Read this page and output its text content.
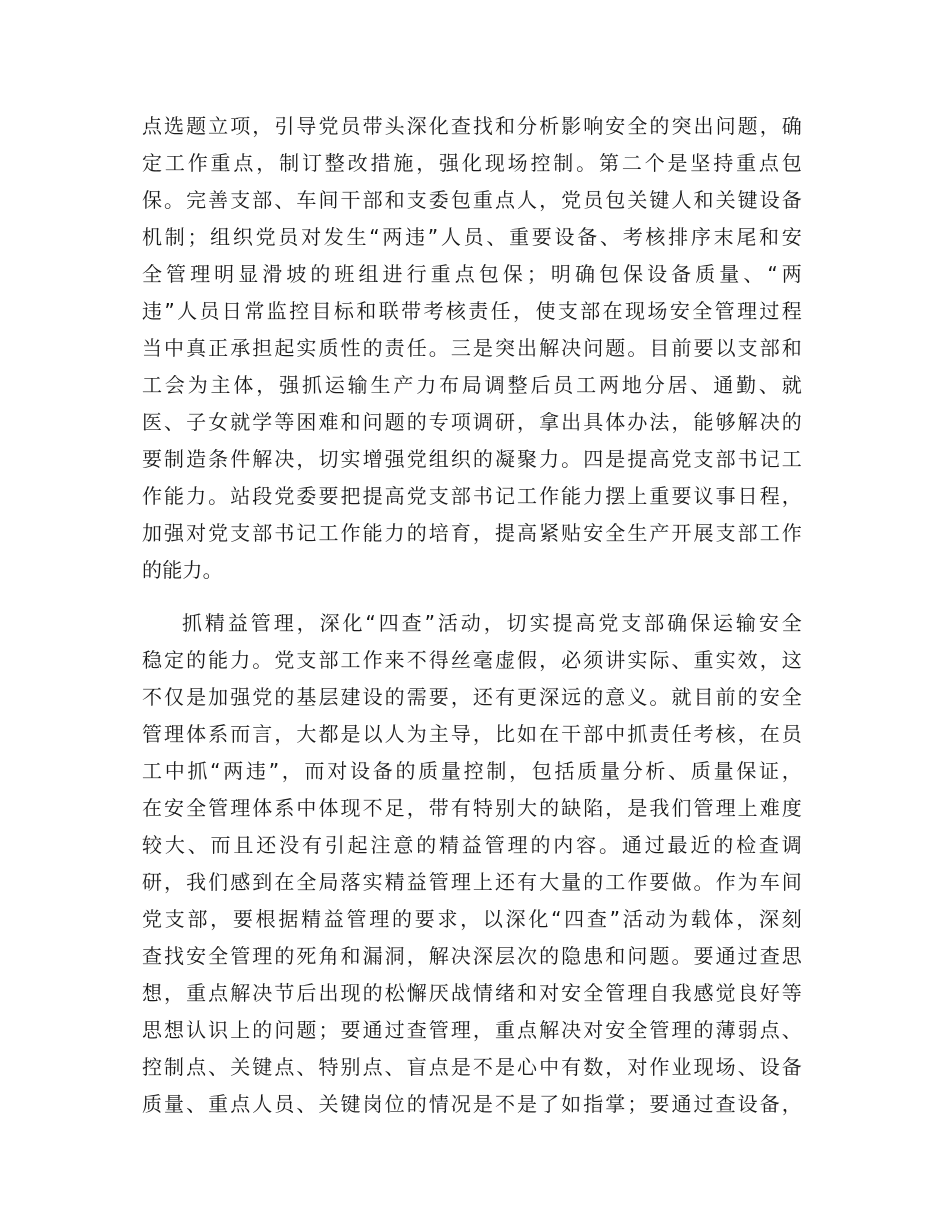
点选题立项，引导党员带头深化查找和分析影响安全的突出问题，确
定工作重点，制订整改措施，强化现场控制。第二个是坚持重点包
保。完善支部、车间干部和支委包重点人，党员包关键人和关键设备
机制；组织党员对发生“两违”人员、重要设备、考核排序末尾和安
全管理明显滑坡的班组进行重点包保；明确包保设备质量、“两
违”人员日常监控目标和联带考核责任，使支部在现场安全管理过程
当中真正承担起实质性的责任。三是突出解决问题。目前要以支部和
工会为主体，强抓运输生产力布局调整后员工两地分居、通勤、就
医、子女就学等困难和问题的专项调研，拿出具体办法，能够解决的
要制造条件解决，切实增强党组织的凝聚力。四是提高党支部书记工
作能力。站段党委要把提高党支部书记工作能力摆上重要议事日程，
加强对党支部书记工作能力的培育，提高紧贴安全生产开展支部工作
的能力。
抓精益管理，深化“四查”活动，切实提高党支部确保运输安全
稳定的能力。党支部工作来不得丝毫虚假，必须讲实际、重实效，这
不仅是加强党的基层建设的需要，还有更深远的意义。就目前的安全
管理体系而言，大都是以人为主导，比如在干部中抓责任考核，在员
工中抓“两违”，而对设备的质量控制，包括质量分析、质量保证，
在安全管理体系中体现不足，带有特别大的缺陷，是我们管理上难度
较大、而且还没有引起注意的精益管理的内容。通过最近的检查调
研，我们感到在全局落实精益管理上还有大量的工作要做。作为车间
党支部，要根据精益管理的要求，以深化“四查”活动为载体，深刻
查找安全管理的死角和漏洞，解决深层次的隐患和问题。要通过查思
想，重点解决节后出现的松懈厌战情绪和对安全管理自我感觉良好等
思想认识上的问题；要通过查管理，重点解决对安全管理的薄弱点、
控制点、关键点、特别点、盲点是不是心中有数，对作业现场、设备
质量、重点人员、关键岗位的情况是不是了如指掌；要通过查设备，
